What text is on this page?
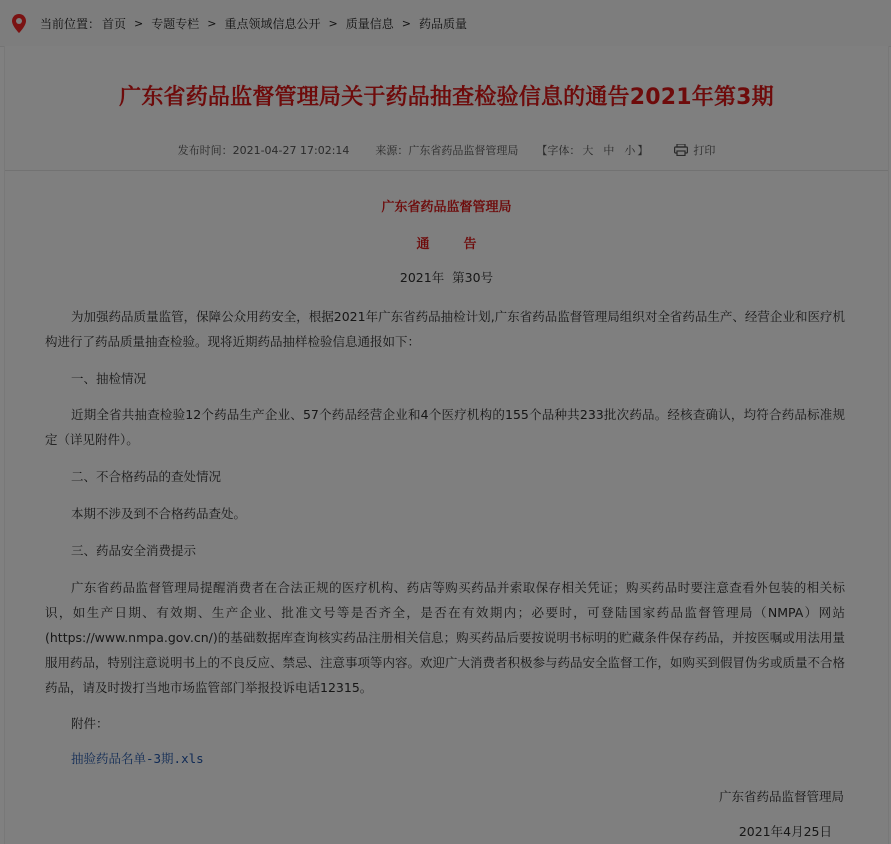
当前位置： 首页 > 专题专栏 > 重点领域信息公开 > 质量信息 > 药品质量
广东省药品监督管理局关于药品抽查检验信息的通告2021年第3期
发布时间： 2021-04-27 17:02:14 来源： 广东省药品监督管理局 【字体： 大 中 小 】	打印
广东省药品监督管理局
通告
2021年  第30号

为加强药品质量监管，保障公众用药安全，根据2021年广东省药品抽检计划,广东省药品监督管理局组织对全省药品生产、经营企业和医疗机构进行了药品质量抽查检验。现将近期药品抽样检验信息通报如下：

一、抽检情况

近期全省共抽查检验12个药品生产企业、57个药品经营企业和4个医疗机构的155个品种共233批次药品。经核查确认，均符合药品标准规定（详见附件）。

二、不合格药品的查处情况

本期不涉及到不合格药品查处。

三、药品安全消费提示

广东省药品监督管理局提醒消费者在合法正规的医疗机构、药店等购买药品并索取保存相关凭证；购买药品时要注意查看外包装的相关标识，如生产日期、有效期、生产企业、批准文号等是否齐全，是否在有效期内；必要时，可登陆国家药品监督管理局（NMPA）网站(https://www.nmpa.gov.cn/)的基础数据库查询核实药品注册相关信息；购买药品后要按说明书标明的贮藏条件保存药品，并按医嘱或用法用量服用药品，特别注意说明书上的不良反应、禁忌、注意事项等内容。欢迎广大消费者积极参与药品安全监督工作，如购买到假冒伪劣或质量不合格药品，请及时拨打当地市场监管部门举报投诉电话12315。

附件：

抽验药品名单-3期.xls
广东省药品监督管理局
2021年4月25日
